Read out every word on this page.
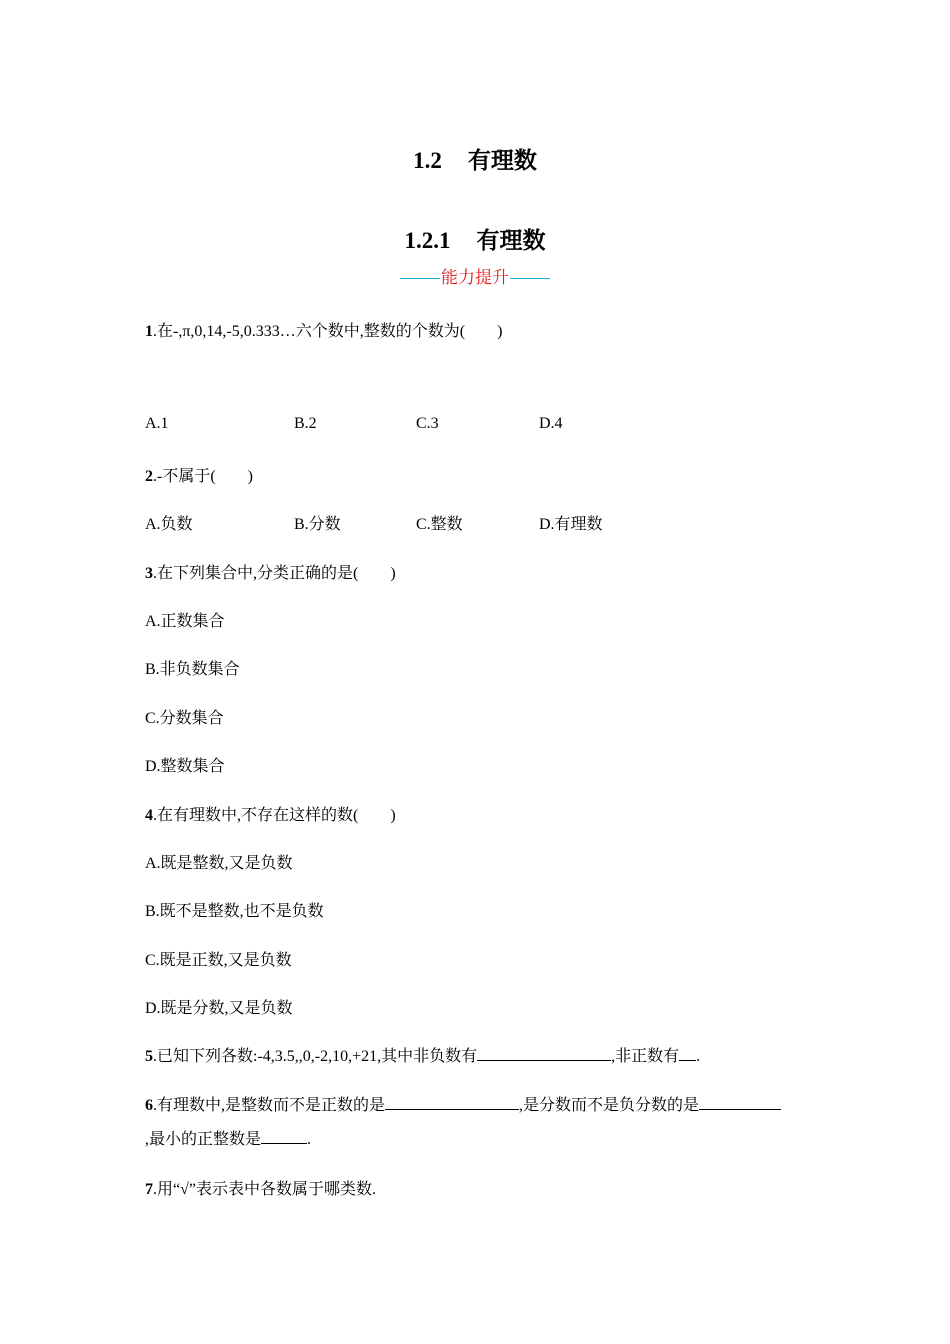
1.2 有理数
1.2.1 有理数
能力提升
1.在-,π,0,14,-5,0.333…六个数中,整数的个数为(　　)
A.1	B.2	C.3	D.4
2.-不属于(　　)
A.负数	B.分数	C.整数	D.有理数
3.在下列集合中,分类正确的是(　　)
A.正数集合
B.非负数集合
C.分数集合
D.整数集合
4.在有理数中,不存在这样的数(　　)
A.既是整数,又是负数
B.既不是整数,也不是负数
C.既是正数,又是负数
D.既是分数,又是负数
5.已知下列各数:-4,3.5,,0,-2,10,+21,其中非负数有	,非正数有 .
6.有理数中,是整数而不是正数的是	,是分数而不是负分数的是
,最小的正整数是	.
7.用“√”表示表中各数属于哪类数.
